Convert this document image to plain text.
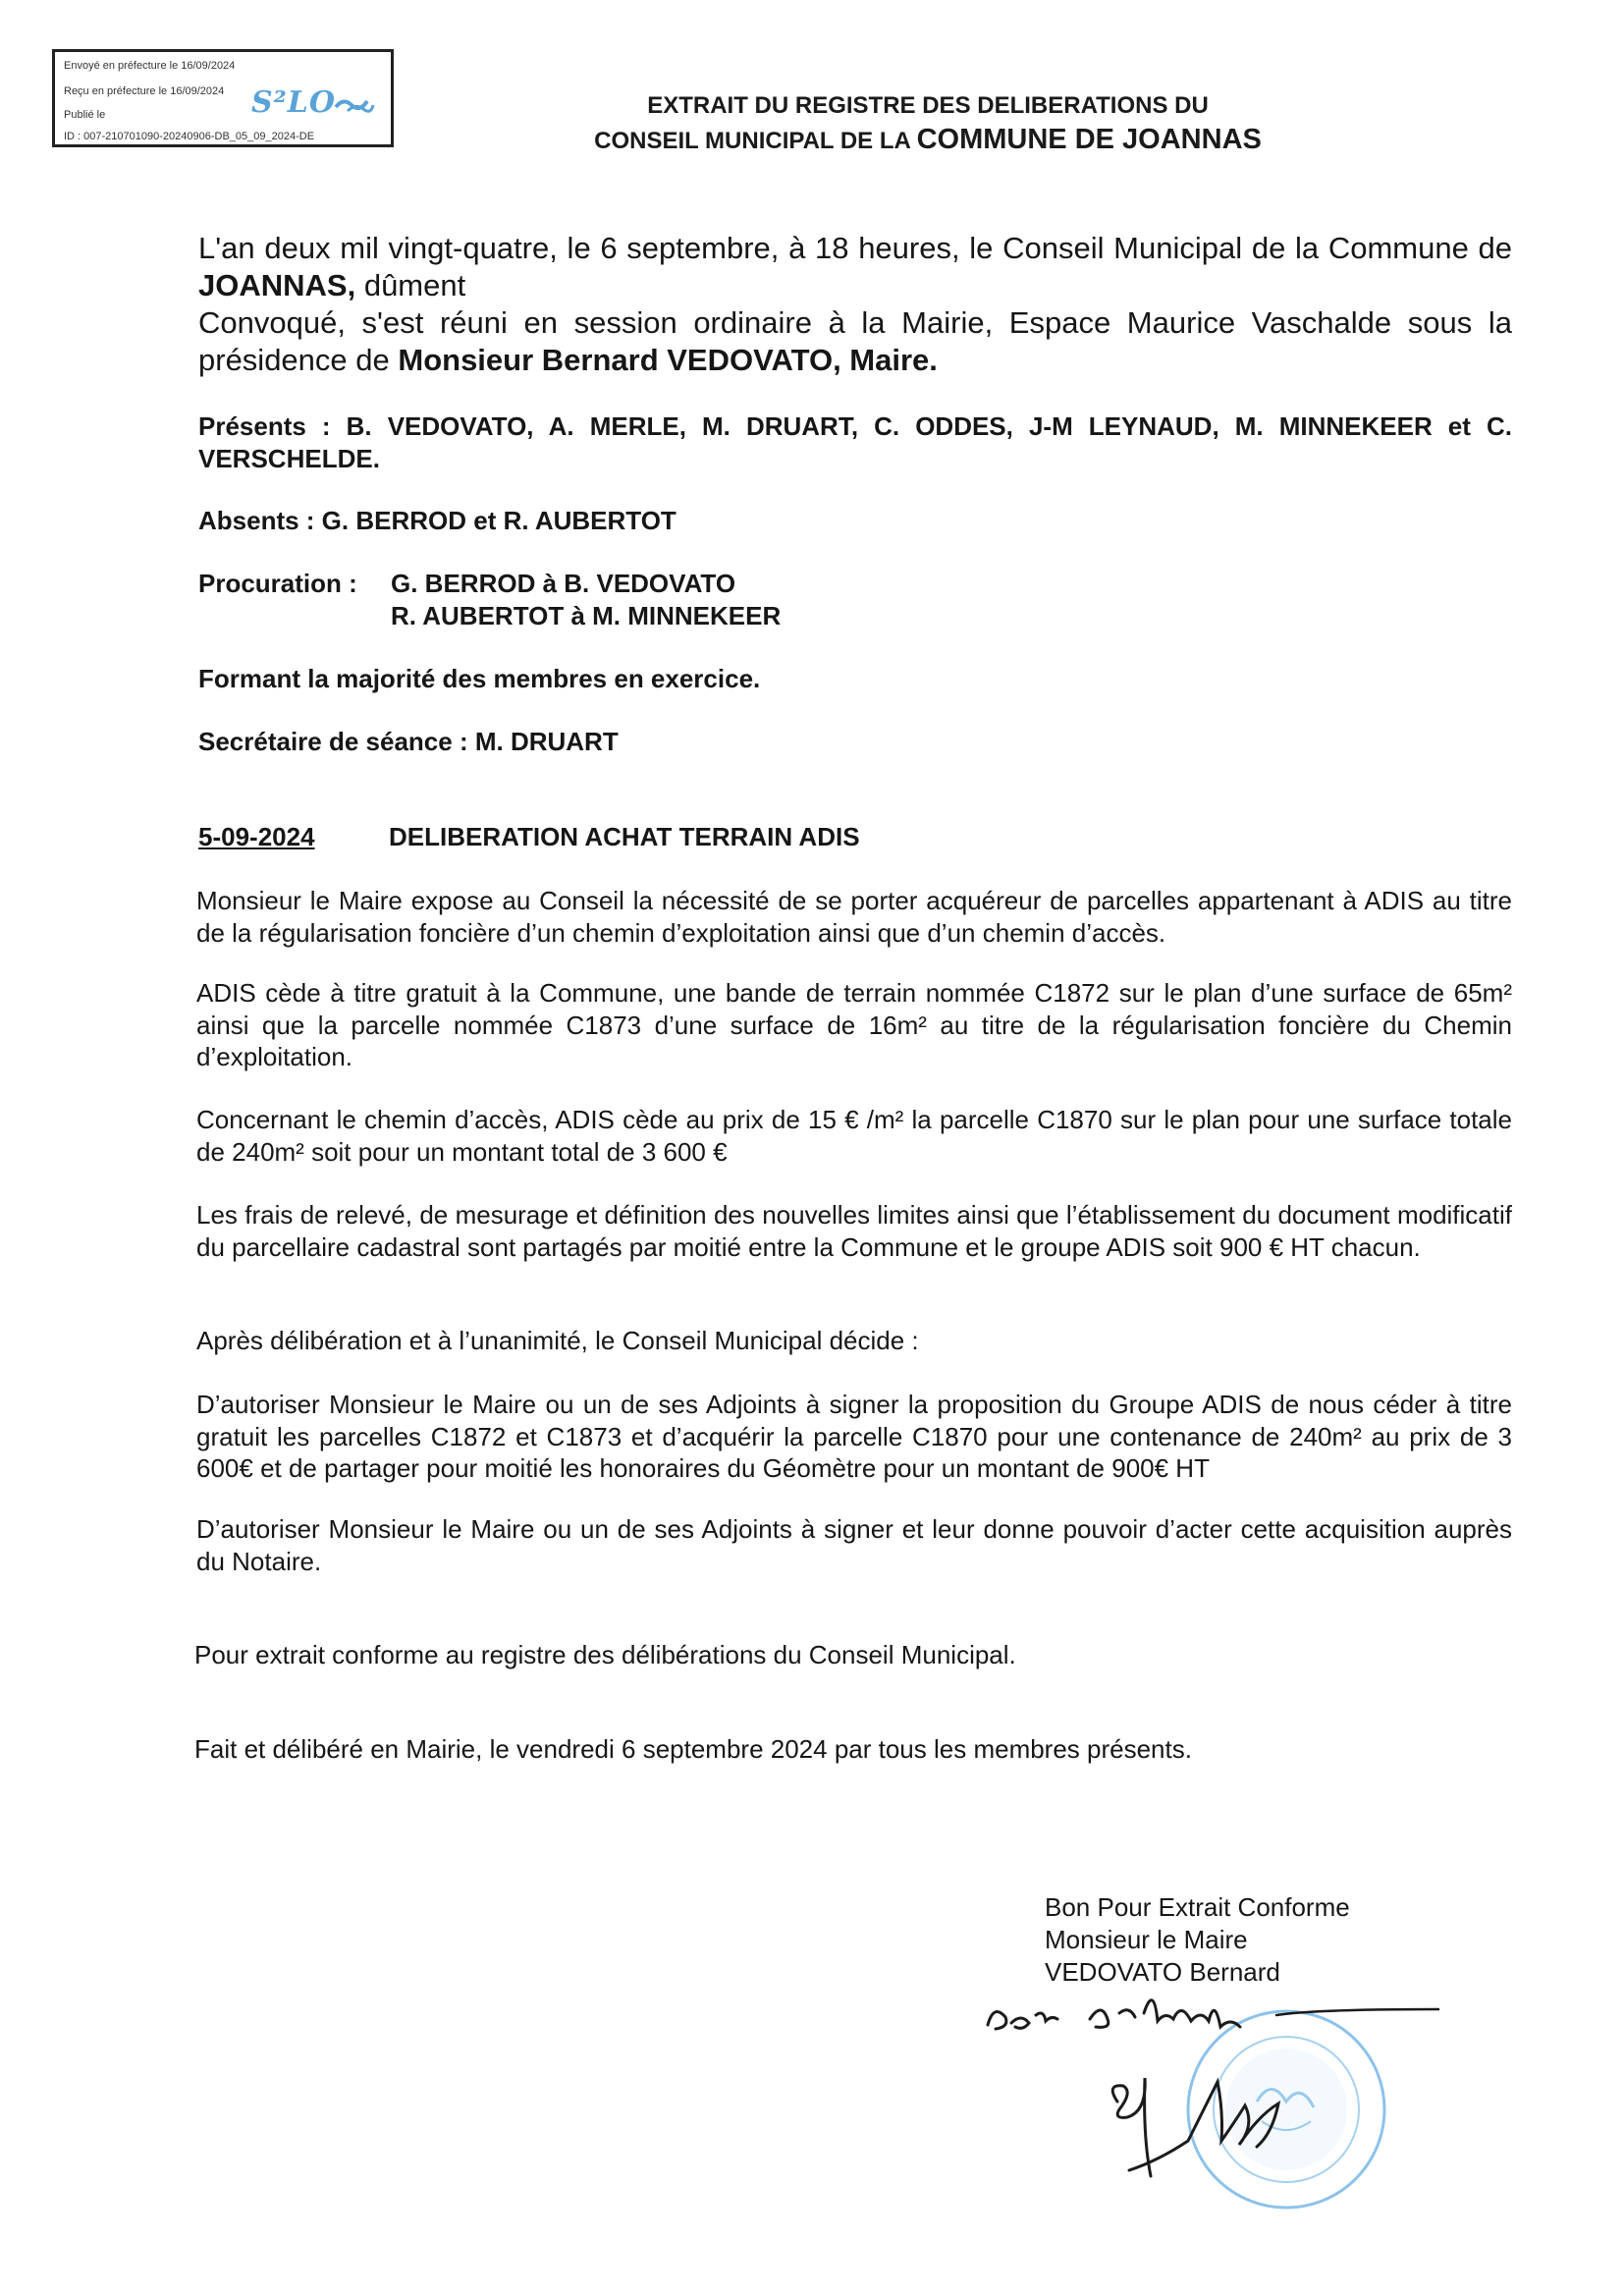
Envoyé en préfecture le 16/09/2024
Reçu en préfecture le 16/09/2024
Publié le
ID : 007-210701090-20240906-DB_05_09_2024-DE
S²LO	EXTRAIT DU REGISTRE DES DELIBERATIONS DU
CONSEIL MUNICIPAL DE LA COMMUNE DE JOANNAS
L'an deux mil vingt-quatre, le 6 septembre, à 18 heures, le Conseil Municipal de la Commune de JOANNAS, dûment
Convoqué, s'est réuni en session ordinaire à la Mairie, Espace Maurice Vaschalde sous la présidence de Monsieur Bernard VEDOVATO, Maire.
Présents : B. VEDOVATO, A. MERLE, M. DRUART, C. ODDES, J-M LEYNAUD, M. MINNEKEER et C. VERSCHELDE.
Absents : G. BERROD et R. AUBERTOT
Procuration :	G. BERROD à B. VEDOVATO
R. AUBERTOT à M. MINNEKEER
Formant la majorité des membres en exercice.
Secrétaire de séance : M. DRUART
5-09-2024	DELIBERATION ACHAT TERRAIN ADIS
Monsieur le Maire expose au Conseil la nécessité de se porter acquéreur de parcelles appartenant à ADIS au titre de la régularisation foncière d’un chemin d’exploitation ainsi que d’un chemin d’accès.
ADIS cède à titre gratuit à la Commune, une bande de terrain nommée C1872 sur le plan d’une surface de 65m² ainsi que la parcelle nommée C1873 d’une surface de 16m² au titre de la régularisation foncière du Chemin d’exploitation.
Concernant le chemin d’accès, ADIS cède au prix de 15 € /m² la parcelle C1870 sur le plan pour une surface totale de 240m² soit pour un montant total de 3 600 €
Les frais de relevé, de mesurage et définition des nouvelles limites ainsi que l’établissement du document modificatif du parcellaire cadastral sont partagés par moitié entre la Commune et le groupe ADIS soit 900 € HT chacun.
Après délibération et à l’unanimité, le Conseil Municipal décide :
D’autoriser Monsieur le Maire ou un de ses Adjoints à signer la proposition du Groupe ADIS de nous céder à titre gratuit les parcelles C1872 et C1873 et d’acquérir la parcelle C1870 pour une contenance de 240m² au prix de 3 600€ et de partager pour moitié les honoraires du Géomètre pour un montant de 900€ HT
D’autoriser Monsieur le Maire ou un de ses Adjoints à signer et leur donne pouvoir d’acter cette acquisition auprès du Notaire.
Pour extrait conforme au registre des délibérations du Conseil Municipal.
Fait et délibéré en Mairie, le vendredi 6 septembre 2024 par tous les membres présents.
Bon Pour Extrait Conforme
Monsieur le Maire
VEDOVATO Bernard
